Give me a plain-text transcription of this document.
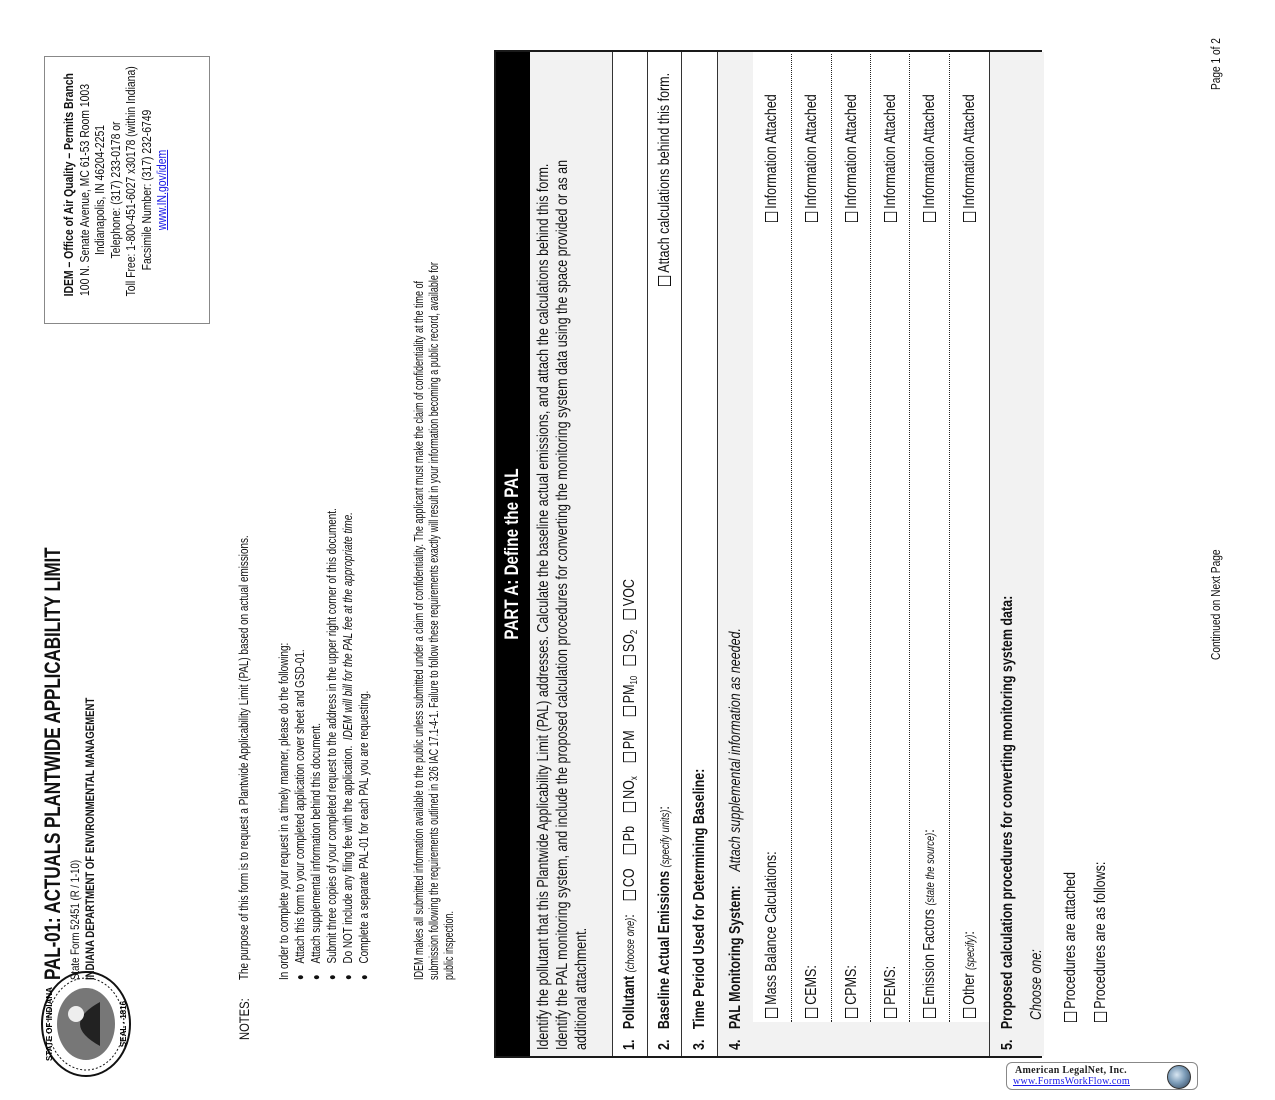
STATE OF INDIANA	SEAL · 1816
PAL-01: ACTUALS PLANTWIDE APPLICABILITY LIMIT State Form 52451 (R / 1-10) INDIANA DEPARTMENT OF ENVIRONMENTAL MANAGEMENT
IDEM – Office of Air Quality – Permits Branch 100 N. Senate Avenue, MC 61-53 Room 1003 Indianapolis, IN 46204-2251 Telephone: (317) 233-0178 or Toll Free: 1-800-451-6027 x30178 (within Indiana) Facsimile Number: (317) 232-6749 www.IN.gov/idem
NOTES:
The purpose of this form is to request a Plantwide Applicability Limit (PAL) based on actual emissions. In order to complete your request in a timely manner, please do the following: ●    Attach this form to your completed application cover sheet and GSD-01.
●    Attach supplemental information behind this document.
●    Submit three copies of your completed request to the address in the upper right corner of this document.
●    Do NOT include any filing fee with the application.  IDEM will bill for the PAL fee at the appropriate time.
●    Complete a separate PAL-01 for each PAL you are requesting.	IDEM makes all submitted information available to the public unless submitted under a claim of confidentiality. The applicant must make the claim of confidentiality at the time of submission following the requirements outlined in 326 IAC 17.1-4-1. Failure to follow these requirements exactly will result in your information becoming a public record, available for public inspection.
PART A: Define the PAL Identify the pollutant that this Plantwide Applicability Limit (PAL) addresses. Calculate the baseline actual emissions, and attach the calculations behind this form. Identify the PAL monitoring system, and include the proposed calculation procedures for converting the monitoring system data using the space provided or as an additional attachment. 1.   Pollutant (choose one):    CO    Pb    $NO_x$    PM    $PM_{10}$   $SO_2$   VOC
2.   Baseline Actual Emissions (specify units):
Attach calculations behind this form.
3.   Time Period Used for Determining Baseline:
4.   PAL Monitoring System:    Attach supplemental information as needed.
Mass Balance Calculations:
Information Attached
CEMS:
Information Attached
CPMS:
Information Attached
PEMS:
Information Attached
Emission Factors (state the source):
Information Attached
Other (specify):
Information Attached
5.   Proposed calculation procedures for converting monitoring system data: Choose one: Procedures are attached Procedures are as follows:
Continued on Next Page
Page 1 of 2
American LegalNet, Inc.
www.FormsWorkFlow.com
